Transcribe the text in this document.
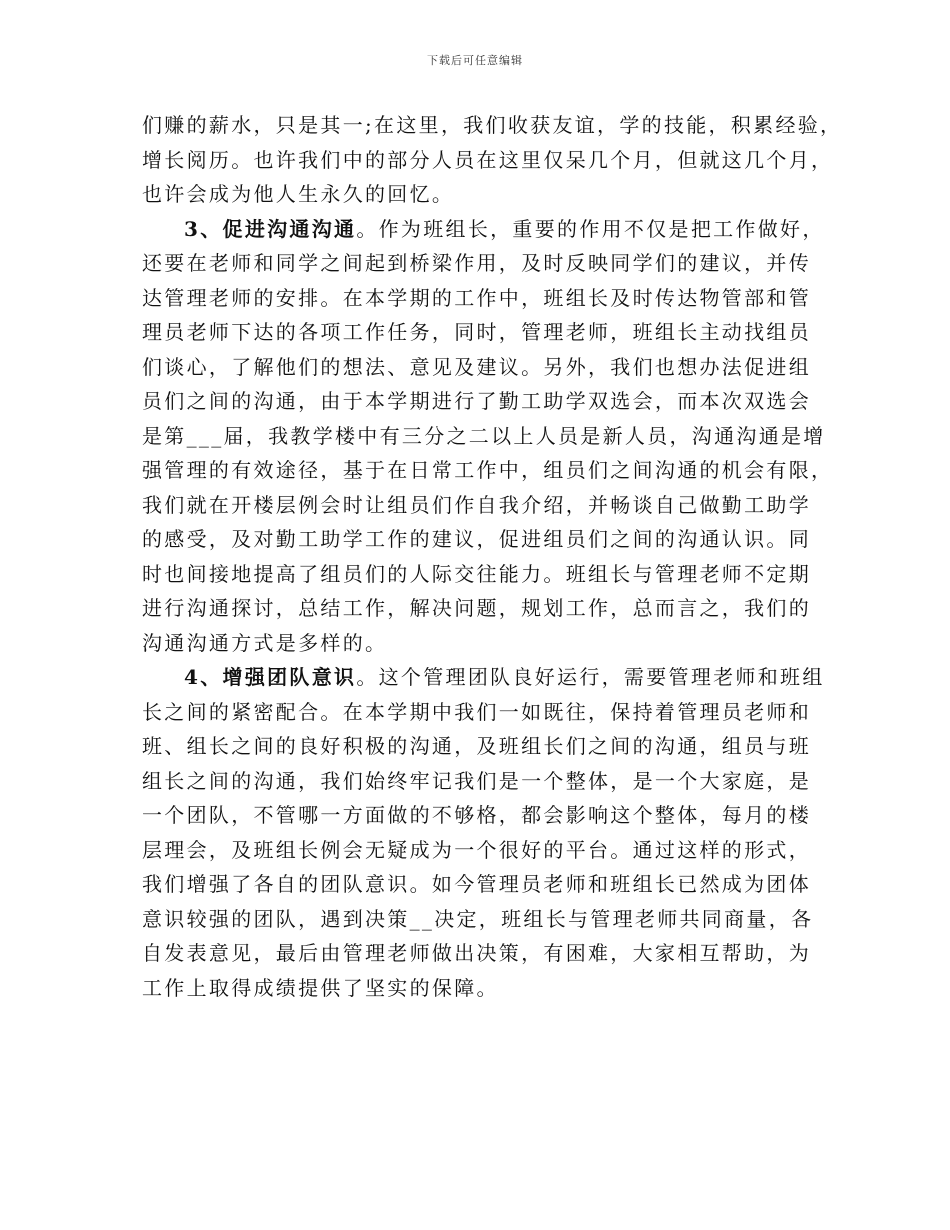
下载后可任意编辑
们赚的薪水，只是其一;在这里，我们收获友谊，学的技能，积累经验，
增长阅历。也许我们中的部分人员在这里仅呆几个月，但就这几个月，
也许会成为他人生永久的回忆。
3、促进沟通沟通。作为班组长，重要的作用不仅是把工作做好，
还要在老师和同学之间起到桥梁作用，及时反映同学们的建议，并传
达管理老师的安排。在本学期的工作中，班组长及时传达物管部和管
理员老师下达的各项工作任务，同时，管理老师，班组长主动找组员
们谈心，了解他们的想法、意见及建议。另外，我们也想办法促进组
员们之间的沟通，由于本学期进行了勤工助学双选会，而本次双选会
是第___届，我教学楼中有三分之二以上人员是新人员，沟通沟通是增
强管理的有效途径，基于在日常工作中，组员们之间沟通的机会有限，
我们就在开楼层例会时让组员们作自我介绍，并畅谈自己做勤工助学
的感受，及对勤工助学工作的建议，促进组员们之间的沟通认识。同
时也间接地提高了组员们的人际交往能力。班组长与管理老师不定期
进行沟通探讨，总结工作，解决问题，规划工作，总而言之，我们的
沟通沟通方式是多样的。
4、增强团队意识。这个管理团队良好运行，需要管理老师和班组
长之间的紧密配合。在本学期中我们一如既往，保持着管理员老师和
班、组长之间的良好积极的沟通，及班组长们之间的沟通，组员与班
组长之间的沟通，我们始终牢记我们是一个整体，是一个大家庭，是
一个团队，不管哪一方面做的不够格，都会影响这个整体，每月的楼
层理会，及班组长例会无疑成为一个很好的平台。通过这样的形式，
我们增强了各自的团队意识。如今管理员老师和班组长已然成为团体
意识较强的团队，遇到决策__决定，班组长与管理老师共同商量，各
自发表意见，最后由管理老师做出决策，有困难，大家相互帮助，为
工作上取得成绩提供了坚实的保障。
